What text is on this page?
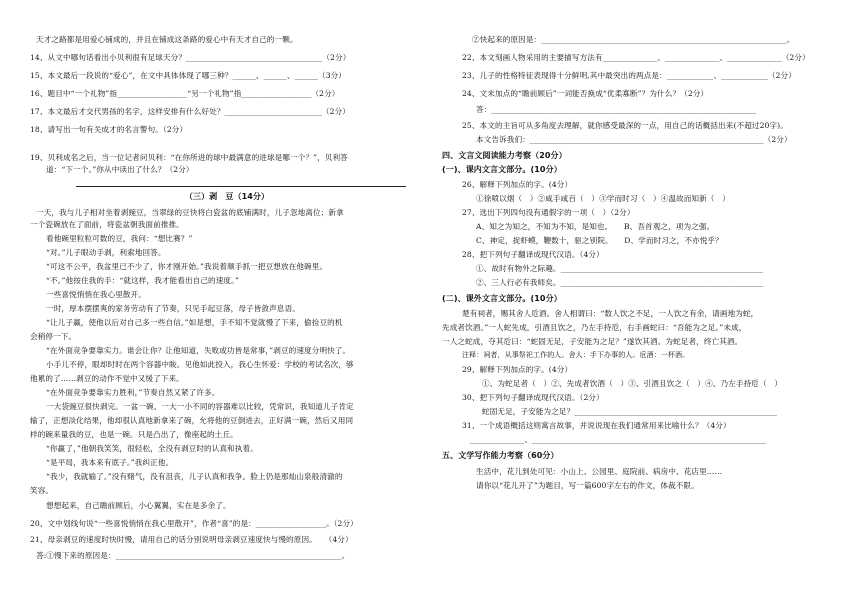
天才之路都是用爱心铺成的，并且在铺成这条路的爱心中有天才自己的一颗。
14、从文中哪句话看出小贝利很有足球天分？___________________________________（2分）
15、本文最后一段说的“爱心”，在文中具体体现了哪三种？______、______、______（3分）
16、题目中“一个礼物”指__________________“另一个礼物”指__________________（2分）
17、本文最后才交代男孩的名字，这样安排有什么好处？_________________________（2分）
18、请写出一句有关成才的名言警句。（2分）
19、贝利成名之后，当一位记者问贝利：“在你所进的球中最满意的进球是哪一个？”，贝利答
道：“下一个。”你从中读出了什么？（2分）
（三）剥　豆（14分）
一天，我与儿子相对坐着剥豌豆，当翠绿的豆快将白瓷盆的底铺满时，儿子忽地离位；新拿
一个瓷碗放在了面前，将瓷盆朝我面前推推。
看他碗里粒粒可数的豆，我问：“想比赛？”
“对。”儿子眼动手剥，利索地回答。
“可这不公平，我盆里已不少了，你才刚开始。”我说着顺手抓一把豆想放在他碗里。
“不。”他按住我的手：“就这样，我才能看出自己的速度。”
一些喜悦悄悄在我心里散开。
一时，厚本摆摆爽的家务劳动有了节奏，只见手起豆落，母子皆敛声息语。
“让儿子赢，使他以后对自己多一些自信。”如是想，手不知不觉就慢了下来，偷捡豆的机
会稍停一下。
“在外面竞争要靠实力。谁会让你？让他知道，失败或功皆是常事，”剥豆的速度分明快了。
小手儿不停，眼却时时在两个容器中睃。见他如此投入，我心生怀爱：学校的考试名次，够
他累的了……剥豆的动作不觉中又缓了下来。
“在外面竞争要靠实力胜利，”节奏自然又紧了许多。
一大袋豌豆很快剥完。一盆一碗、一大一小不同的容器难以比较，凭常识，我知道儿子肯定
输了，正想淡化结果，他却很认真地新拿来了碗，允将他的豆倒进去，正好满一碗，然后又用同
样的碗来量我的豆，也是一碗。只是凸出了，像座起的土丘。
“你赢了，”他朝我笑笑，很轻松，全没有剥豆时的认真和执着。
“是平局，我本来有底子。”我纠正他。
“我少，我就输了。”没有赌气，没有沮丧，儿子认真和我争。脸上仍是那灿山泉般清澈的
笑容。
想想起来，自己瞻前顾后，小心翼翼，实在是多余了。
20、文中划线句说“一些喜悦悄悄在我心里散开”，作者“喜”的是：__________________。（2分）
21、母亲剥豆的速度时快时慢，请用自己的话分别说明母亲剥豆速度快与慢的原因。　　（4分）
答:①慢下来的原因是：__________________________________________________________。
②快起来的原因是：_______________________________________________________________。
22、本文刻画人物采用的主要描写方法有______________、______________、______________（2分）
23、儿子的性格特征表现得十分鲜明,其中最突出的两点是：____________、____________（2分）
24、文末加点的“瞻前顾后”一词能否换成“优柔寡断”？为什么？（2分）
答：____________________________________________________________________
25、本文的主旨可从多角度去理解，就你感受最深的一点，用自己的话概括出来(不超过20字)。
本文告诉我们：____________________________________________________________（2分）
四、文言文阅读能力考察（20分）
(一)、课内文言文部分。(10分）
26、解释下列加点的字。(4分）
①徐喷以烟（　）②咸手咸百（　）③学而时习（　）④温故而知新（　）
27、选出下列四句没有通假字的一项（　）（2分）
A、知之为知之，不知为不知，是知也。　　B、吾首观之，项为之强。
C、神定，捉虾蟆，鞭数十，驱之别院。　　D、学而时习之，不亦悦乎？
28、把下列句子翻译成现代汉语。（4分）
①、故时有物外之际趣。____________________________________________________
②、三人行必有我师矣。____________________________________________________
(二)、课外文言文部分。(10分）
楚有祠者，赐其舍人卮酒。舍人相谓曰：“数人饮之不足，一人饮之有余，请画地为蛇，
先成者饮酒。”一人蛇先成，引酒且饮之，乃左手持卮，右手画蛇曰：“吾能为之足。”未成，
一人之蛇成，夺其卮曰：“蛇固无足，子安能为之足？”遂饮其酒。为蛇足者，终亡其酒。
注释：祠者，从事祭祀工作的人。舍人：手下办事的人。卮酒：一杯酒。
29、解释下列加点的字。(4分）
①、为蛇足者（　）②、先成者饮酒（　）③、引酒且饮之（　）④、乃左手持卮（　）
30、把下列句子翻译成现代汉语。（2分）
蛇固无足，子安能为之足？____________________________________________________
31、一个成语概括这则寓言故事，并说说现在我们通常用来比喻什么？（4分）
______________、____________________________________________________________
五、文学写作能力考察（60分）
生活中，花儿到处可见：小山上、公园里、庭院前、病房中、花店里……
请你以“花儿开了”为题目，写一篇600字左右的作文，体裁不限。
